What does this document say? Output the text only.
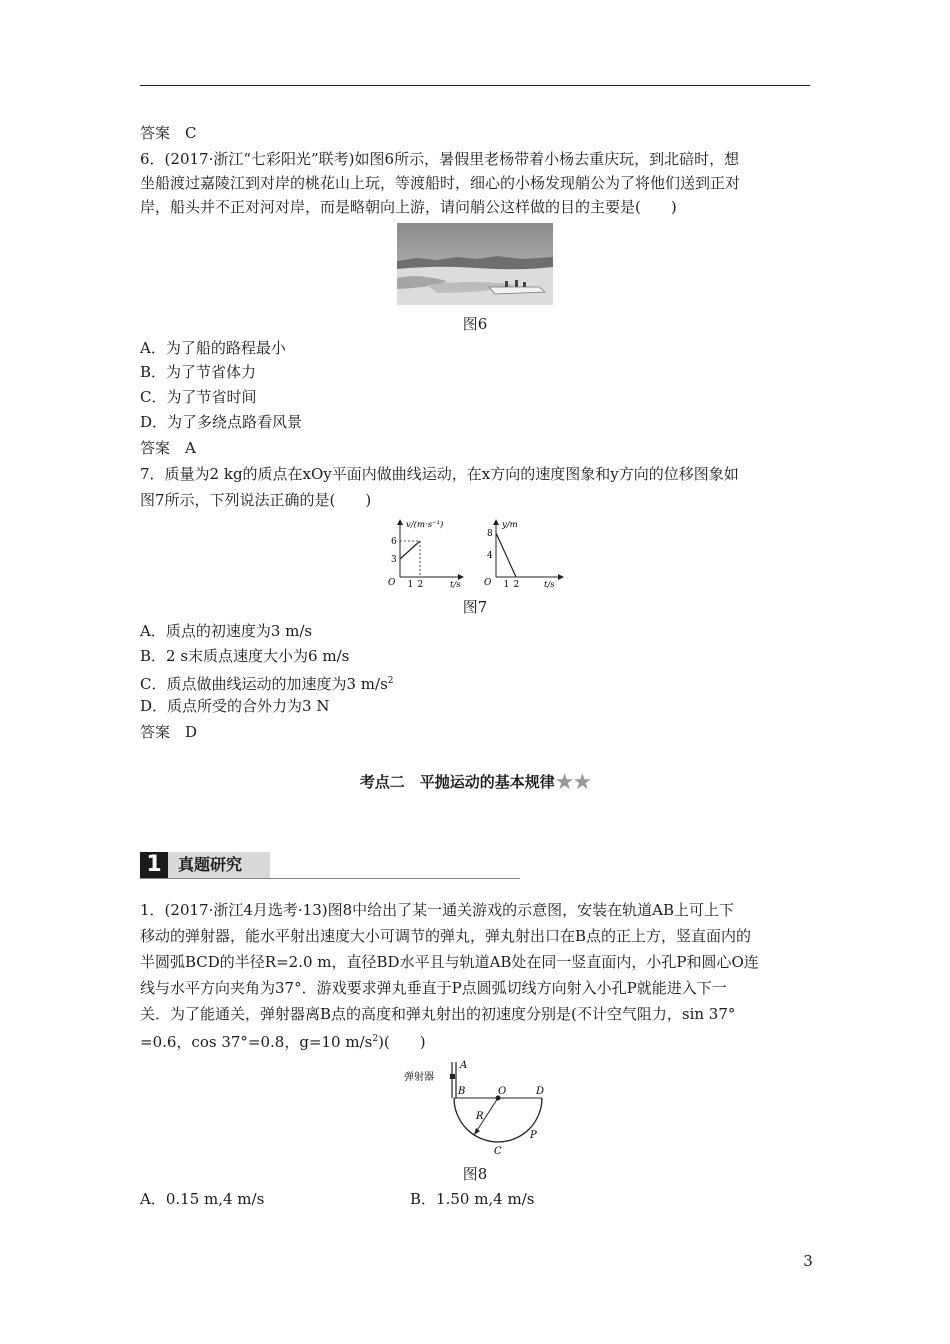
答案　C
6．(2017·浙江“七彩阳光”联考)如图6所示，暑假里老杨带着小杨去重庆玩，到北碚时，想
坐船渡过嘉陵江到对岸的桃花山上玩，等渡船时，细心的小杨发现艄公为了将他们送到正对
岸，船头并不正对河对岸，而是略朝向上游，请问艄公这样做的目的主要是(　　)
图6
A．为了船的路程最小
B．为了节省体力
C．为了节省时间
D．为了多绕点路看风景
答案　A
7．质量为2 kg的质点在xOy平面内做曲线运动，在x方向的速度图象和y方向的位移图象如
图7所示，下列说法正确的是(　　)
v/(m·s⁻¹)
t/s
O 1 2
3
6
y/m
t/s
O 1 2
4
8
图7
A．质点的初速度为3 m/s
B．2 s末质点速度大小为6 m/s
C．质点做曲线运动的加速度为3 $m/s^2$
D．质点所受的合外力为3 N
答案　D
考点二　平抛运动的基本规律★★
1	真题研究
1．(2017·浙江4月选考·13)图8中给出了某一通关游戏的示意图，安装在轨道AB上可上下
移动的弹射器，能水平射出速度大小可调节的弹丸，弹丸射出口在B点的正上方，竖直面内的
半圆弧BCD的半径R=2.0 m，直径BD水平且与轨道AB处在同一竖直面内，小孔P和圆心O连
线与水平方向夹角为37°．游戏要求弹丸垂直于P点圆弧切线方向射入小孔P就能进入下一
关．为了能通关，弹射器离B点的高度和弹丸射出的初速度分别是(不计空气阻力，sin 37°
=0.6，cos 37°=0.8，g=10 $m/s^2$)(　　)
弹射器
A
B	O	D
R
C
P
图8
A．0.15 m,4 m/s	B．1.50 m,4 m/s
3
